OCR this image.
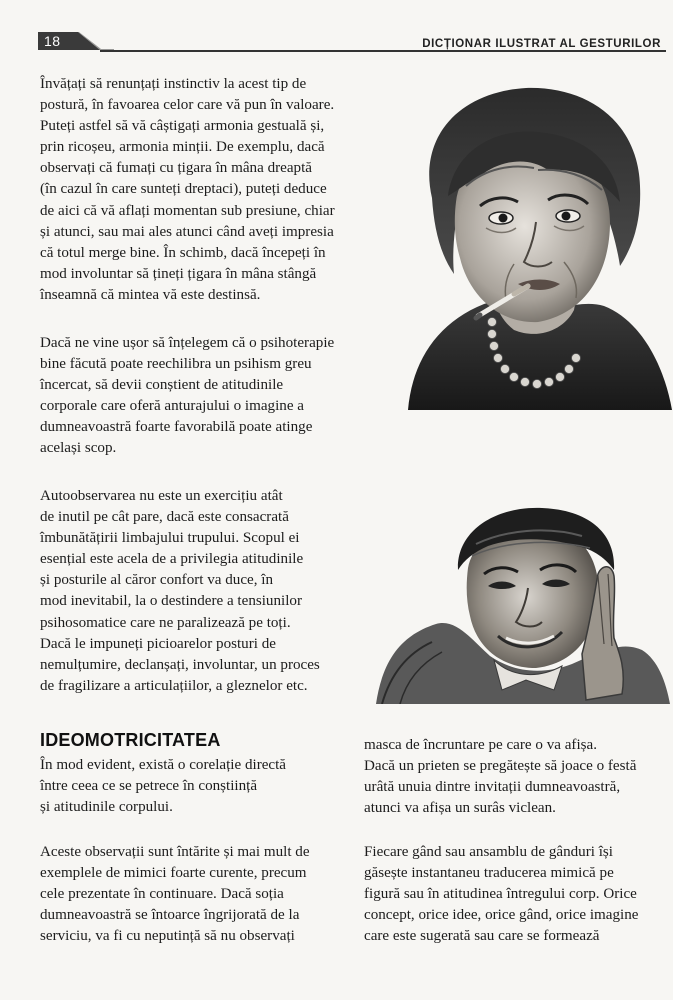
18	DICȚIONAR ILUSTRAT AL GESTURILOR

Învățați să renunțați instinctiv la acest tip de
postură, în favoarea celor care vă pun în valoare.
Puteți astfel să vă câștigați armonia gestuală și,
prin ricoșeu, armonia minții. De exemplu, dacă
observați că fumați cu țigara în mâna dreaptă
(în cazul în care sunteți dreptaci), puteți deduce
de aici că vă aflați momentan sub presiune, chiar
și atunci, sau mai ales atunci când aveți impresia
că totul merge bine. În schimb, dacă începeți în
mod involuntar să țineți țigara în mâna stângă
înseamnă că mintea vă este destinsă.

Dacă ne vine ușor să înțelegem că o psihoterapie
bine făcută poate reechilibra un psihism greu
încercat, să devii conștient de atitudinile
corporale care oferă anturajului o imagine a
dumneavoastră foarte favorabilă poate atinge
același scop.

Autoobservarea nu este un exercițiu atât
de inutil pe cât pare, dacă este consacrată
îmbunătățirii limbajului trupului. Scopul ei
esențial este acela de a privilegia atitudinile
și posturile al căror confort va duce, în
mod inevitabil, la o destindere a tensiunilor
psihosomatice care ne paralizează pe toți.
Dacă le impuneți picioarelor posturi de
nemulțumire, declanșați, involuntar, un proces
de fragilizare a articulațiilor, a gleznelor etc.

IDEOMOTRICITATEA

În mod evident, există o corelație directă
între ceea ce se petrece în conștiință
și atitudinile corpului.

Aceste observații sunt întărite și mai mult de
exemplele de mimici foarte curente, precum
cele prezentate în continuare. Dacă soția
dumneavoastră se întoarce îngrijorată de la
serviciu, va fi cu neputință să nu observați

masca de încruntare pe care o va afișa.
Dacă un prieten se pregătește să joace o festă
urâtă unuia dintre invitații dumneavoastră,
atunci va afișa un surâs viclean.

Fiecare gând sau ansamblu de gânduri își
găsește instantaneu traducerea mimică pe
figură sau în atitudinea întregului corp. Orice
concept, orice idee, orice gând, orice imagine
care este sugerată sau care se formează
